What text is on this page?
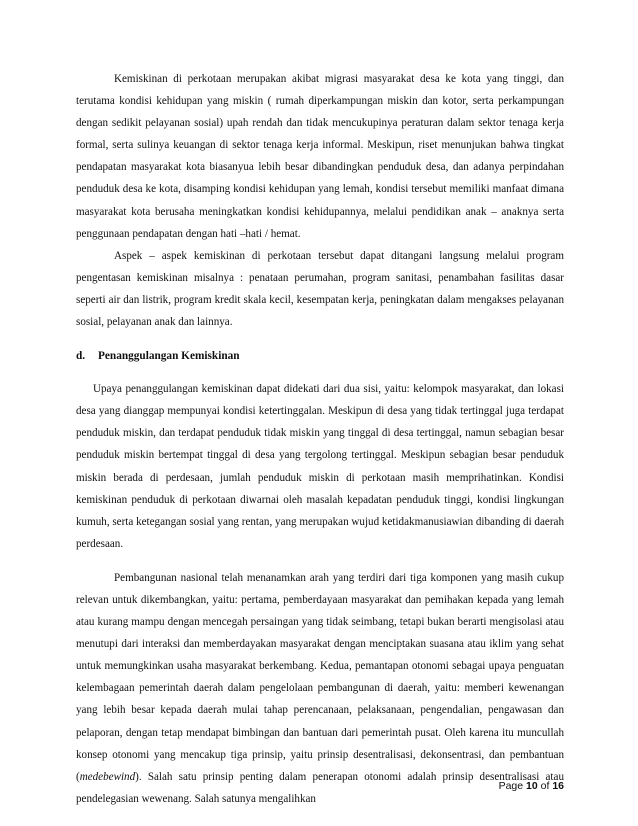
Kemiskinan di perkotaan merupakan akibat migrasi masyarakat desa ke kota yang tinggi, dan terutama kondisi kehidupan yang miskin ( rumah diperkampungan miskin dan kotor, serta perkampungan dengan sedikit pelayanan sosial) upah rendah dan tidak mencukupinya peraturan dalam sektor tenaga kerja formal, serta sulinya keuangan di sektor tenaga kerja informal. Meskipun, riset menunjukan bahwa tingkat pendapatan masyarakat kota biasanyua lebih besar dibandingkan penduduk desa, dan adanya perpindahan penduduk desa ke kota, disamping kondisi kehidupan yang lemah, kondisi tersebut memiliki manfaat dimana masyarakat kota berusaha meningkatkan kondisi kehidupannya, melalui pendidikan anak – anaknya serta penggunaan pendapatan dengan hati –hati / hemat.

Aspek – aspek kemiskinan di perkotaan tersebut dapat ditangani langsung melalui program pengentasan kemiskinan misalnya : penataan perumahan, program sanitasi, penambahan fasilitas dasar seperti air dan listrik, program kredit skala kecil, kesempatan kerja, peningkatan dalam mengakses pelayanan sosial, pelayanan anak dan lainnya.

d. Penanggulangan Kemiskinan

Upaya penanggulangan kemiskinan dapat didekati dari dua sisi, yaitu: kelompok masyarakat, dan lokasi desa yang dianggap mempunyai kondisi ketertinggalan. Meskipun di desa yang tidak tertinggal juga terdapat penduduk miskin, dan terdapat penduduk tidak miskin yang tinggal di desa tertinggal, namun sebagian besar penduduk miskin bertempat tinggal di desa yang tergolong tertinggal. Meskipun sebagian besar penduduk miskin berada di perdesaan, jumlah penduduk miskin di perkotaan masih memprihatinkan. Kondisi kemiskinan penduduk di perkotaan diwarnai oleh masalah kepadatan penduduk tinggi, kondisi lingkungan kumuh, serta ketegangan sosial yang rentan, yang merupakan wujud ketidakmanusiawian dibanding di daerah perdesaan.

Pembangunan nasional telah menanamkan arah yang terdiri dari tiga komponen yang masih cukup relevan untuk dikembangkan, yaitu: pertama, pemberdayaan masyarakat dan pemihakan kepada yang lemah atau kurang mampu dengan mencegah persaingan yang tidak seimbang, tetapi bukan berarti mengisolasi atau menutupi dari interaksi dan memberdayakan masyarakat dengan menciptakan suasana atau iklim yang sehat untuk memungkinkan usaha masyarakat berkembang. Kedua, pemantapan otonomi sebagai upaya penguatan kelembagaan pemerintah daerah dalam pengelolaan pembangunan di daerah, yaitu: memberi kewenangan yang lebih besar kepada daerah mulai tahap perencanaan, pelaksanaan, pengendalian, pengawasan dan pelaporan, dengan tetap mendapat bimbingan dan bantuan dari pemerintah pusat. Oleh karena itu muncullah konsep otonomi yang mencakup tiga prinsip, yaitu prinsip desentralisasi, dekonsentrasi, dan pembantuan (medebewind). Salah satu prinsip penting dalam penerapan otonomi adalah prinsip desentralisasi atau pendelegasian wewenang. Salah satunya mengalihkan

Page 10 of 16
